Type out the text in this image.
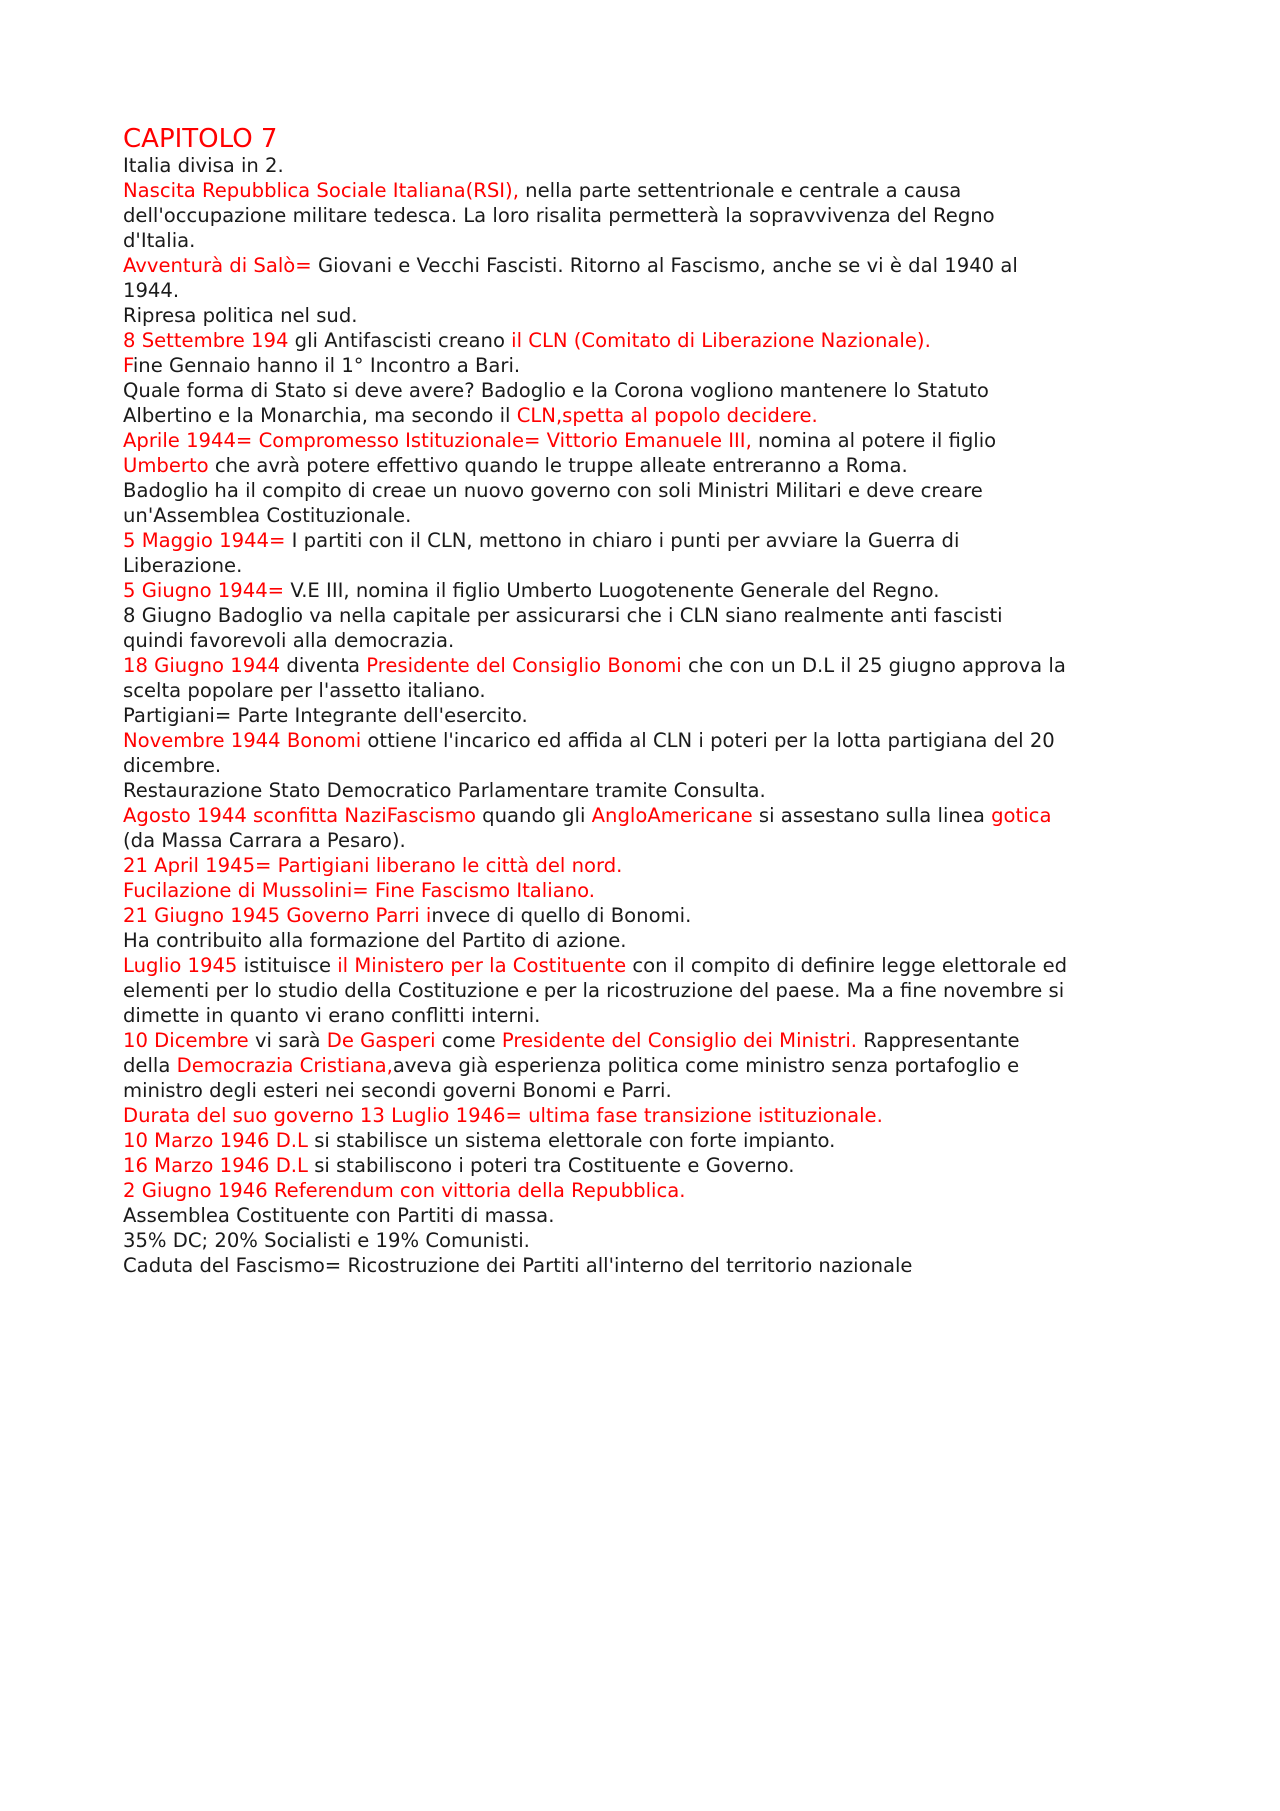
CAPITOLO 7
Italia divisa in 2.
Nascita Repubblica Sociale Italiana(RSI), nella parte settentrionale e centrale a causa
dell'occupazione militare tedesca. La loro risalita permetterà la sopravvivenza del Regno
d'Italia.
Avventurà di Salò= Giovani e Vecchi Fascisti. Ritorno al Fascismo, anche se vi è dal 1940 al
1944.
Ripresa politica nel sud.
8 Settembre 194 gli Antifascisti creano il CLN (Comitato di Liberazione Nazionale).
Fine Gennaio hanno il 1° Incontro a Bari.
Quale forma di Stato si deve avere? Badoglio e la Corona vogliono mantenere lo Statuto
Albertino e la Monarchia, ma secondo il CLN,spetta al popolo decidere.
Aprile 1944= Compromesso Istituzionale= Vittorio Emanuele III, nomina al potere il figlio
Umberto che avrà potere effettivo quando le truppe alleate entreranno a Roma.
Badoglio ha il compito di creae un nuovo governo con soli Ministri Militari e deve creare
un'Assemblea Costituzionale.
5 Maggio 1944= I partiti con il CLN, mettono in chiaro i punti per avviare la Guerra di
Liberazione.
5 Giugno 1944= V.E III, nomina il figlio Umberto Luogotenente Generale del Regno.
8 Giugno Badoglio va nella capitale per assicurarsi che i CLN siano realmente anti fascisti
quindi favorevoli alla democrazia.
18 Giugno 1944 diventa Presidente del Consiglio Bonomi che con un D.L il 25 giugno approva la
scelta popolare per l'assetto italiano.
Partigiani= Parte Integrante dell'esercito.
Novembre 1944 Bonomi ottiene l'incarico ed affida al CLN i poteri per la lotta partigiana del 20
dicembre.
Restaurazione Stato Democratico Parlamentare tramite Consulta.
Agosto 1944 sconfitta NaziFascismo quando gli AngloAmericane si assestano sulla linea gotica
(da Massa Carrara a Pesaro).
21 April 1945= Partigiani liberano le città del nord.
Fucilazione di Mussolini= Fine Fascismo Italiano.
21 Giugno 1945 Governo Parri invece di quello di Bonomi.
Ha contribuito alla formazione del Partito di azione.
Luglio 1945 istituisce il Ministero per la Costituente con il compito di definire legge elettorale ed
elementi per lo studio della Costituzione e per la ricostruzione del paese. Ma a fine novembre si
dimette in quanto vi erano conflitti interni.
10 Dicembre vi sarà De Gasperi come Presidente del Consiglio dei Ministri. Rappresentante
della Democrazia Cristiana,aveva già esperienza politica come ministro senza portafoglio e
ministro degli esteri nei secondi governi Bonomi e Parri.
Durata del suo governo 13 Luglio 1946= ultima fase transizione istituzionale.
10 Marzo 1946 D.L si stabilisce un sistema elettorale con forte impianto.
16 Marzo 1946 D.L si stabiliscono i poteri tra Costituente e Governo.
2 Giugno 1946 Referendum con vittoria della Repubblica.
Assemblea Costituente con Partiti di massa.
35% DC; 20% Socialisti e 19% Comunisti.
Caduta del Fascismo= Ricostruzione dei Partiti all'interno del territorio nazionale
